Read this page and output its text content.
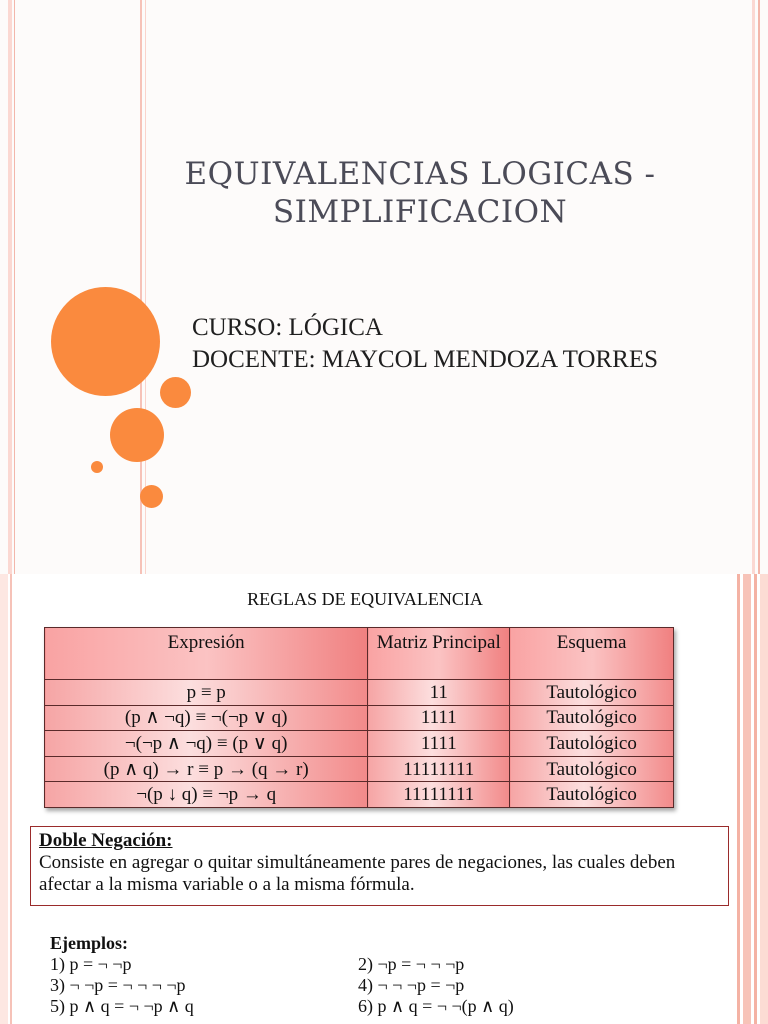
EQUIVALENCIAS LOGICAS -
SIMPLIFICACION
CURSO: LÓGICA
DOCENTE: MAYCOL MENDOZA TORRES
REGLAS DE EQUIVALENCIA
Expresión	Matriz Principal	Esquema
p ≡ p	11	Tautológico
(p ∧ ¬q) ≡ ¬(¬p ∨ q)	1111	Tautológico
¬(¬p ∧ ¬q) ≡ (p ∨ q)	1111	Tautológico
(p ∧ q) → r ≡ p → (q → r)	11111111	Tautológico
¬(p ↓ q) ≡ ¬p → q	11111111	Tautológico
Doble Negación:
Consiste en agregar o quitar simultáneamente pares de negaciones, las cuales deben afectar a la misma variable o a la misma fórmula.
Ejemplos:
1) p = ¬ ¬p	2) ¬p = ¬ ¬ ¬p
3) ¬ ¬p = ¬ ¬ ¬ ¬p	4) ¬ ¬ ¬p = ¬p
5) p ∧ q = ¬ ¬p ∧ q	6) p ∧ q = ¬ ¬(p ∧ q)
